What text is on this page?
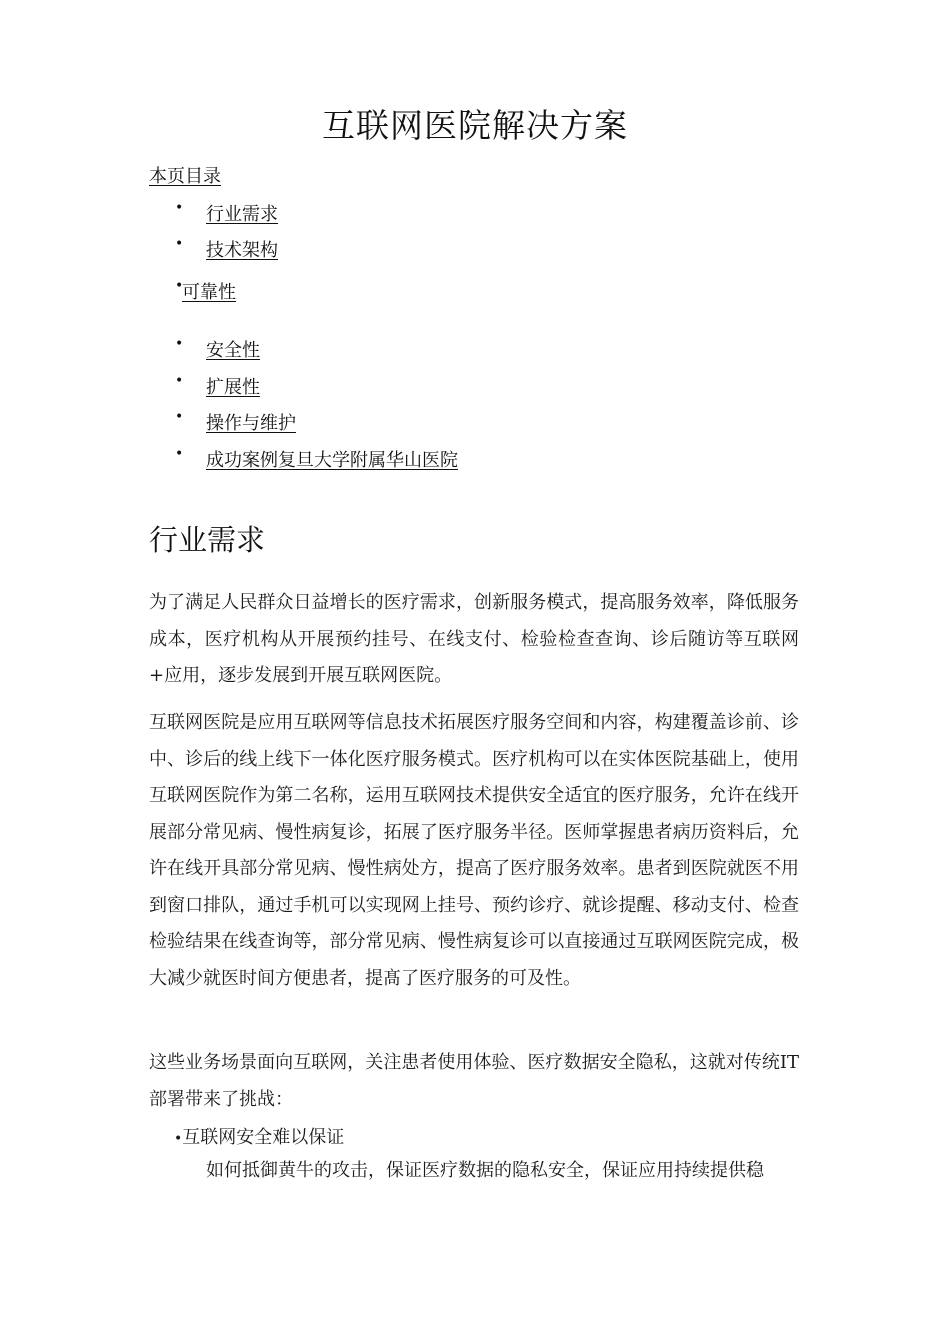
互联网医院解决方案
本页目录
• 行业需求
• 技术架构
•
可靠性
• 安全性
• 扩展性
• 操作与维护
• 成功案例复旦大学附属华山医院
行业需求

为了满足人民群众日益增长的医疗需求，创新服务模式，提高服务效率，降低服务成本，医疗机构从开展预约挂号、在线支付、检验检查查询、诊后随访等互联网+应用，逐步发展到开展互联网医院。

互联网医院是应用互联网等信息技术拓展医疗服务空间和内容，构建覆盖诊前、诊中、诊后的线上线下一体化医疗服务模式。医疗机构可以在实体医院基础上，使用互联网医院作为第二名称，运用互联网技术提供安全适宜的医疗服务，允许在线开展部分常见病、慢性病复诊，拓展了医疗服务半径。医师掌握患者病历资料后，允许在线开具部分常见病、慢性病处方，提高了医疗服务效率。患者到医院就医不用到窗口排队，通过手机可以实现网上挂号、预约诊疗、就诊提醒、移动支付、检查检验结果在线查询等，部分常见病、慢性病复诊可以直接通过互联网医院完成，极大减少就医时间方便患者，提髙了医疗服务的可及性。

这些业务场景面向互联网，关注患者使用体验、医疗数据安全隐私，这就对传统IT部署带来了挑战：

•互联网安全难以保证
如何抵御黄牛的攻击，保证医疗数据的隐私安全，保证应用持续提供稳
